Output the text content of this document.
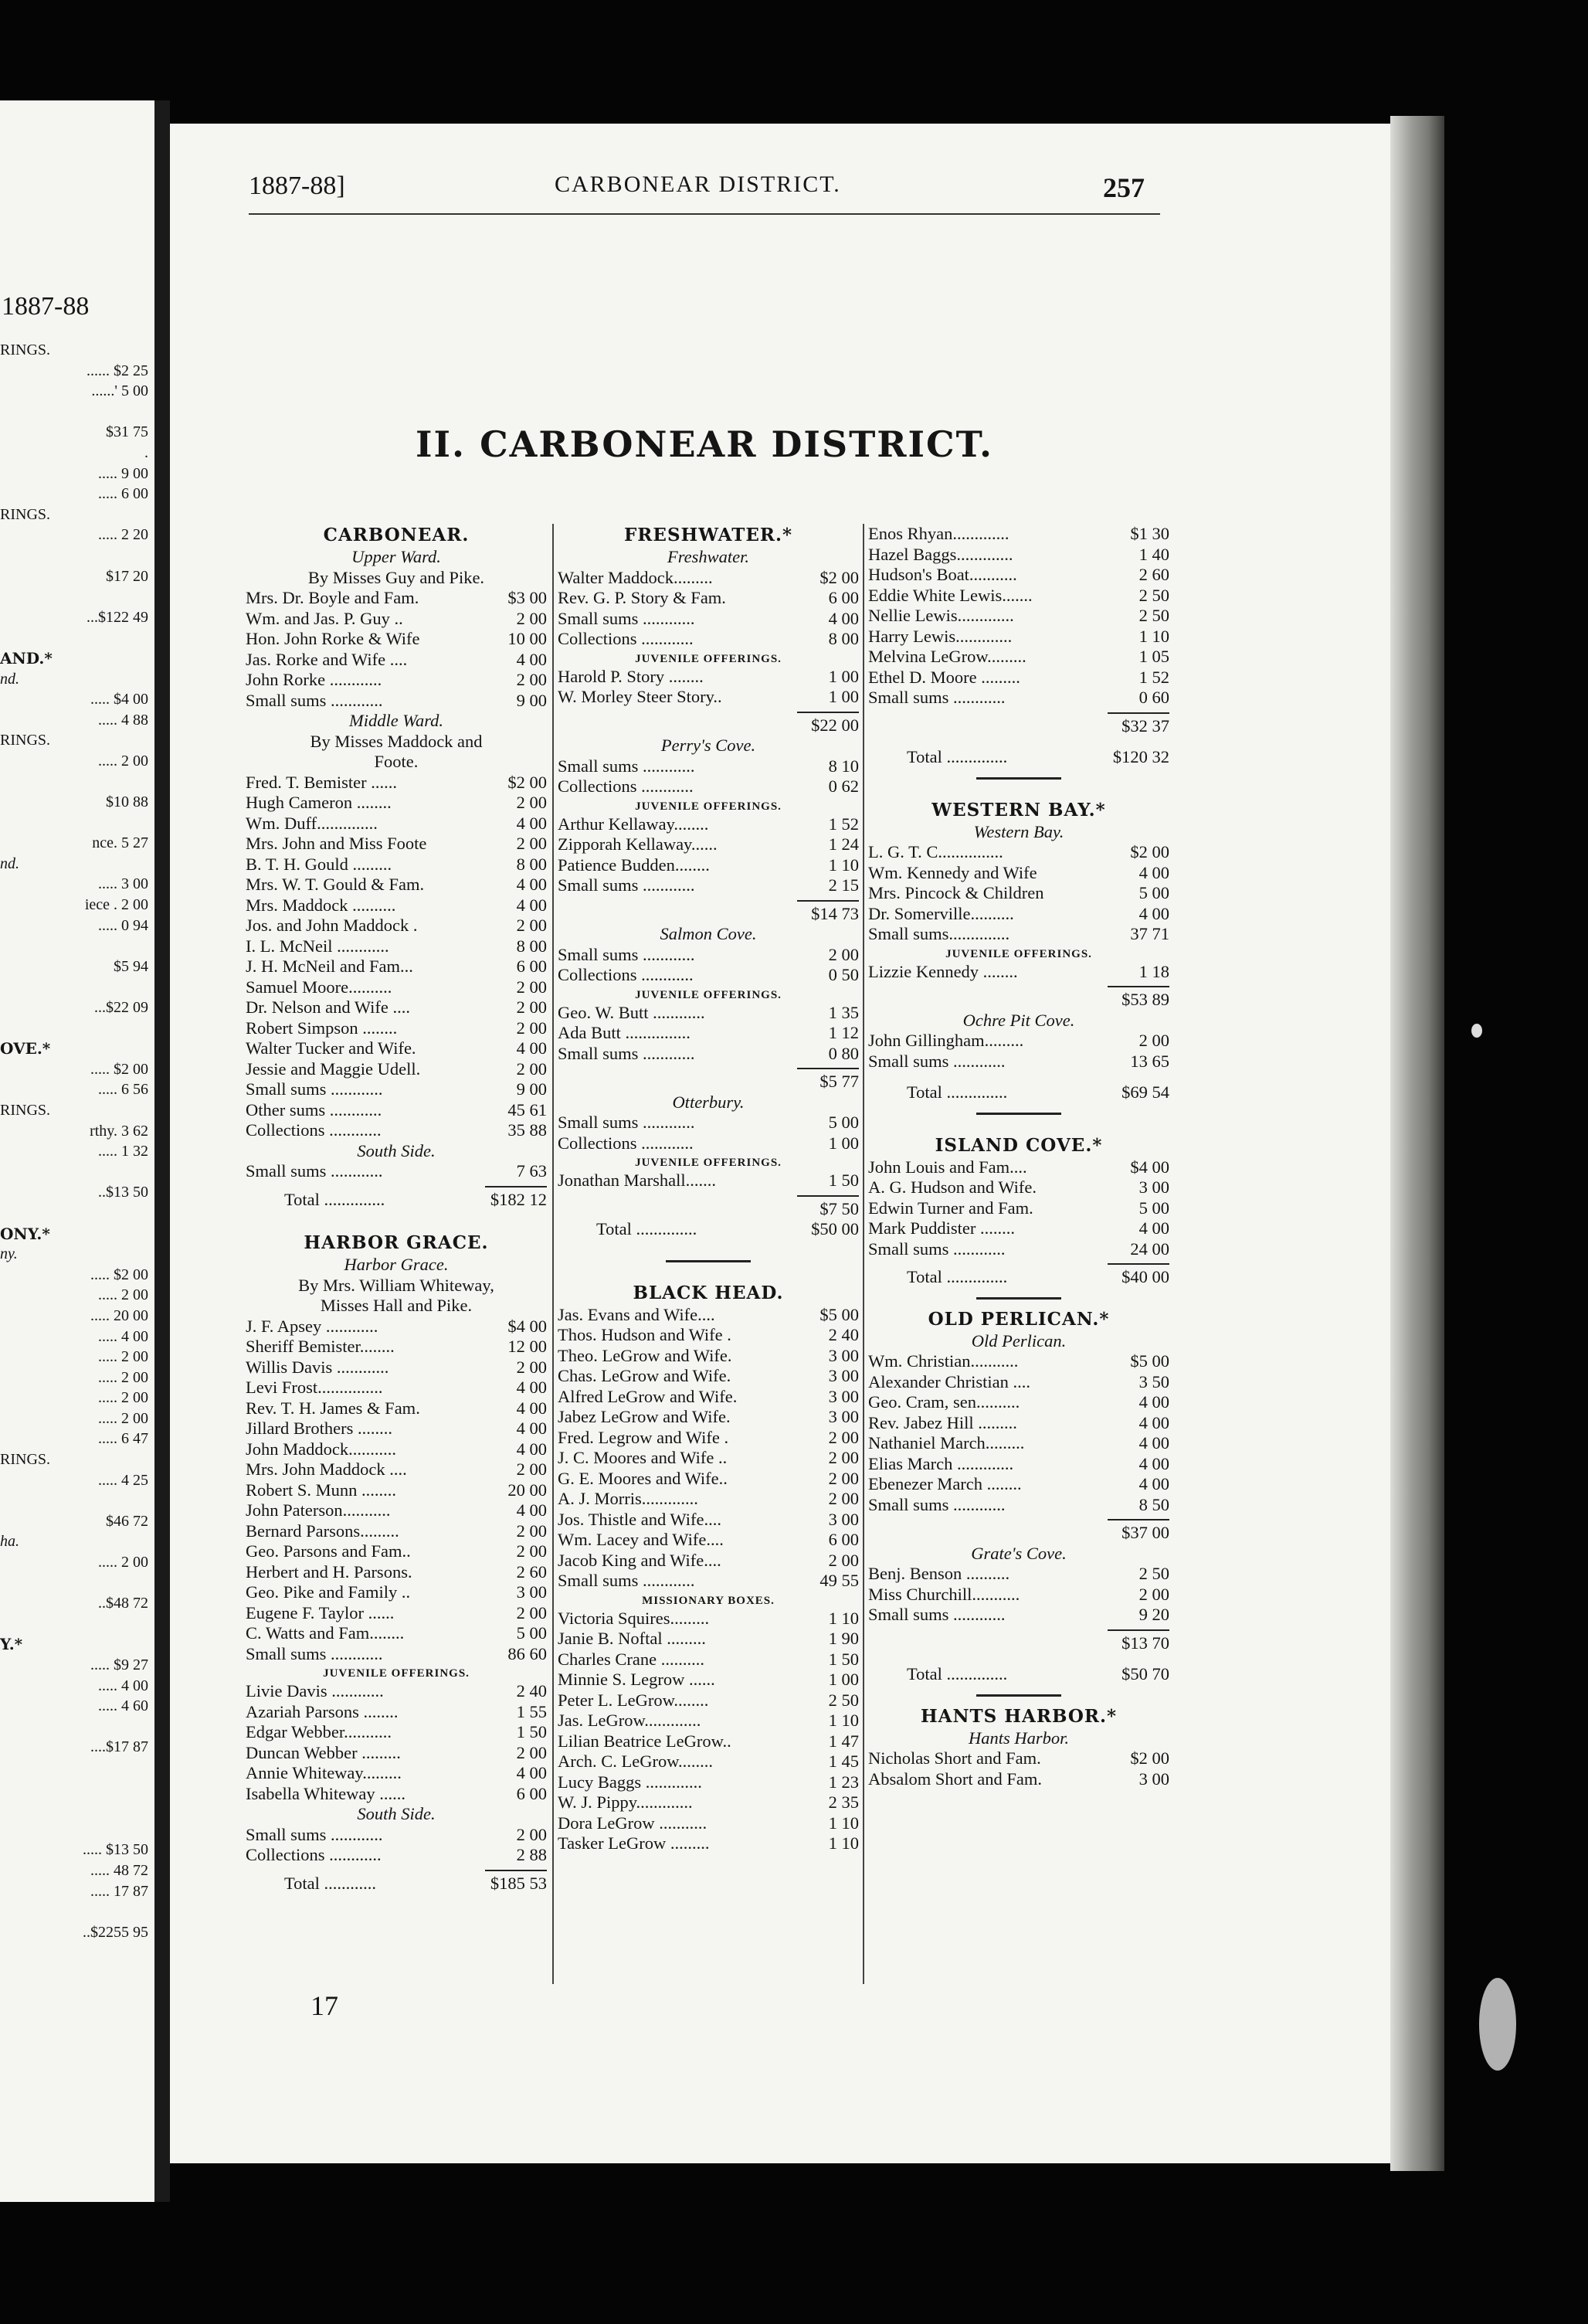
1887-88
RINGS.
...... $2 25
......' 5 00
$31 75
.
..... 9 00
..... 6 00
RINGS.
..... 2 20
$17 20
...$122 49
AND.*
nd.
..... $4 00
..... 4 88
RINGS.
..... 2 00
$10 88
nce. 5 27
nd.
..... 3 00
iece . 2 00
..... 0 94
$5 94
...$22 09
OVE.*
..... $2 00
..... 6 56
RINGS.
rthy. 3 62
..... 1 32
..$13 50
ONY.*
ny.
..... $2 00
..... 2 00
..... 20 00
..... 4 00
..... 2 00
..... 2 00
..... 2 00
..... 2 00
..... 6 47
RINGS.
..... 4 25
$46 72
ha.
..... 2 00
..$48 72
Y.*
..... $9 27
..... 4 00
..... 4 60
....$17 87
..... $13 50
..... 48 72
..... 17 87
..$2255 95
1887-88]	CARBONEAR DISTRICT.	257
II. CARBONEAR DISTRICT.
CARBONEAR.
Upper Ward.
By Misses Guy and Pike.
Mrs. Dr. Boyle and Fam.	$3 00
Wm. and Jas. P. Guy ..	2 00
Hon. John Rorke & Wife	10 00
Jas. Rorke and Wife ....	4 00
John Rorke ............	2 00
Small sums ............	9 00
Middle Ward.
By Misses Maddock and
Foote.
Fred. T. Bemister ......	$2 00
Hugh Cameron ........	2 00
Wm. Duff..............	4 00
Mrs. John and Miss Foote	2 00
B. T. H. Gould .........	8 00
Mrs. W. T. Gould & Fam.	4 00
Mrs. Maddock ..........	4 00
Jos. and John Maddock .	2 00
I. L. McNeil ............	8 00
J. H. McNeil and Fam...	6 00
Samuel Moore..........	2 00
Dr. Nelson and Wife ....	2 00
Robert Simpson ........	2 00
Walter Tucker and Wife.	4 00
Jessie and Maggie Udell.	2 00
Small sums ............	9 00
Other sums ............	45 61
Collections ............	35 88
South Side.
Small sums ............	7 63
Total ..............	$182 12
HARBOR GRACE.
Harbor Grace.
By Mrs. William Whiteway,
Misses Hall and Pike.
J. F. Apsey ............	$4 00
Sheriff Bemister........	12 00
Willis Davis ............	2 00
Levi Frost...............	4 00
Rev. T. H. James & Fam.	4 00
Jillard Brothers ........	4 00
John Maddock...........	4 00
Mrs. John Maddock ....	2 00
Robert S. Munn ........	20 00
John Paterson...........	4 00
Bernard Parsons.........	2 00
Geo. Parsons and Fam..	2 00
Herbert and H. Parsons.	2 60
Geo. Pike and Family ..	3 00
Eugene F. Taylor ......	2 00
C. Watts and Fam........	5 00
Small sums ............	86 60
JUVENILE OFFERINGS.
Livie Davis ............	2 40
Azariah Parsons ........	1 55
Edgar Webber...........	1 50
Duncan Webber .........	2 00
Annie Whiteway.........	4 00
Isabella Whiteway ......	6 00
South Side.
Small sums ............	2 00
Collections ............	2 88
Total ............	$185 53
FRESHWATER.*
Freshwater.
Walter Maddock.........	$2 00
Rev. G. P. Story & Fam.	6 00
Small sums ............	4 00
Collections ............	8 00
JUVENILE OFFERINGS.
Harold P. Story ........	1 00
W. Morley Steer Story..	1 00
$22 00
Perry's Cove.
Small sums ............	8 10
Collections ............	0 62
JUVENILE OFFERINGS.
Arthur Kellaway........	1 52
Zipporah Kellaway......	1 24
Patience Budden........	1 10
Small sums ............	2 15
$14 73
Salmon Cove.
Small sums ............	2 00
Collections ............	0 50
JUVENILE OFFERINGS.
Geo. W. Butt ............	1 35
Ada Butt ...............	1 12
Small sums ............	0 80
$5 77
Otterbury.
Small sums ............	5 00
Collections ............	1 00
JUVENILE OFFERINGS.
Jonathan Marshall.......	1 50
$7 50
Total ..............	$50 00
BLACK HEAD.
Jas. Evans and Wife....	$5 00
Thos. Hudson and Wife .	2 40
Theo. LeGrow and Wife.	3 00
Chas. LeGrow and Wife.	3 00
Alfred LeGrow and Wife.	3 00
Jabez LeGrow and Wife.	3 00
Fred. Legrow and Wife .	2 00
J. C. Moores and Wife ..	2 00
G. E. Moores and Wife..	2 00
A. J. Morris.............	2 00
Jos. Thistle and Wife....	3 00
Wm. Lacey and Wife....	6 00
Jacob King and Wife....	2 00
Small sums ............	49 55
MISSIONARY BOXES.
Victoria Squires.........	1 10
Janie B. Noftal .........	1 90
Charles Crane ..........	1 50
Minnie S. Legrow ......	1 00
Peter L. LeGrow........	2 50
Jas. LeGrow.............	1 10
Lilian Beatrice LeGrow..	1 47
Arch. C. LeGrow........	1 45
Lucy Baggs .............	1 23
W. J. Pippy.............	2 35
Dora LeGrow ...........	1 10
Tasker LeGrow .........	1 10
Enos Rhyan.............	$1 30
Hazel Baggs.............	1 40
Hudson's Boat...........	2 60
Eddie White Lewis.......	2 50
Nellie Lewis.............	2 50
Harry Lewis.............	1 10
Melvina LeGrow.........	1 05
Ethel D. Moore .........	1 52
Small sums ............	0 60
$32 37
Total ..............	$120 32
WESTERN BAY.*
Western Bay.
L. G. T. C...............	$2 00
Wm. Kennedy and Wife	4 00
Mrs. Pincock & Children	5 00
Dr. Somerville..........	4 00
Small sums..............	37 71
JUVENILE OFFERINGS.
Lizzie Kennedy ........	1 18
$53 89
Ochre Pit Cove.
John Gillingham.........	2 00
Small sums ............	13 65
Total ..............	$69 54
ISLAND COVE.*
John Louis and Fam....	$4 00
A. G. Hudson and Wife.	3 00
Edwin Turner and Fam.	5 00
Mark Puddister ........	4 00
Small sums ............	24 00
Total ..............	$40 00
OLD PERLICAN.*
Old Perlican.
Wm. Christian...........	$5 00
Alexander Christian ....	3 50
Geo. Cram, sen..........	4 00
Rev. Jabez Hill .........	4 00
Nathaniel March.........	4 00
Elias March .............	4 00
Ebenezer March ........	4 00
Small sums ............	8 50
$37 00
Grate's Cove.
Benj. Benson ..........	2 50
Miss Churchill...........	2 00
Small sums ............	9 20
$13 70
Total ..............	$50 70
HANTS HARBOR.*
Hants Harbor.
Nicholas Short and Fam.	$2 00
Absalom Short and Fam.	3 00
17
